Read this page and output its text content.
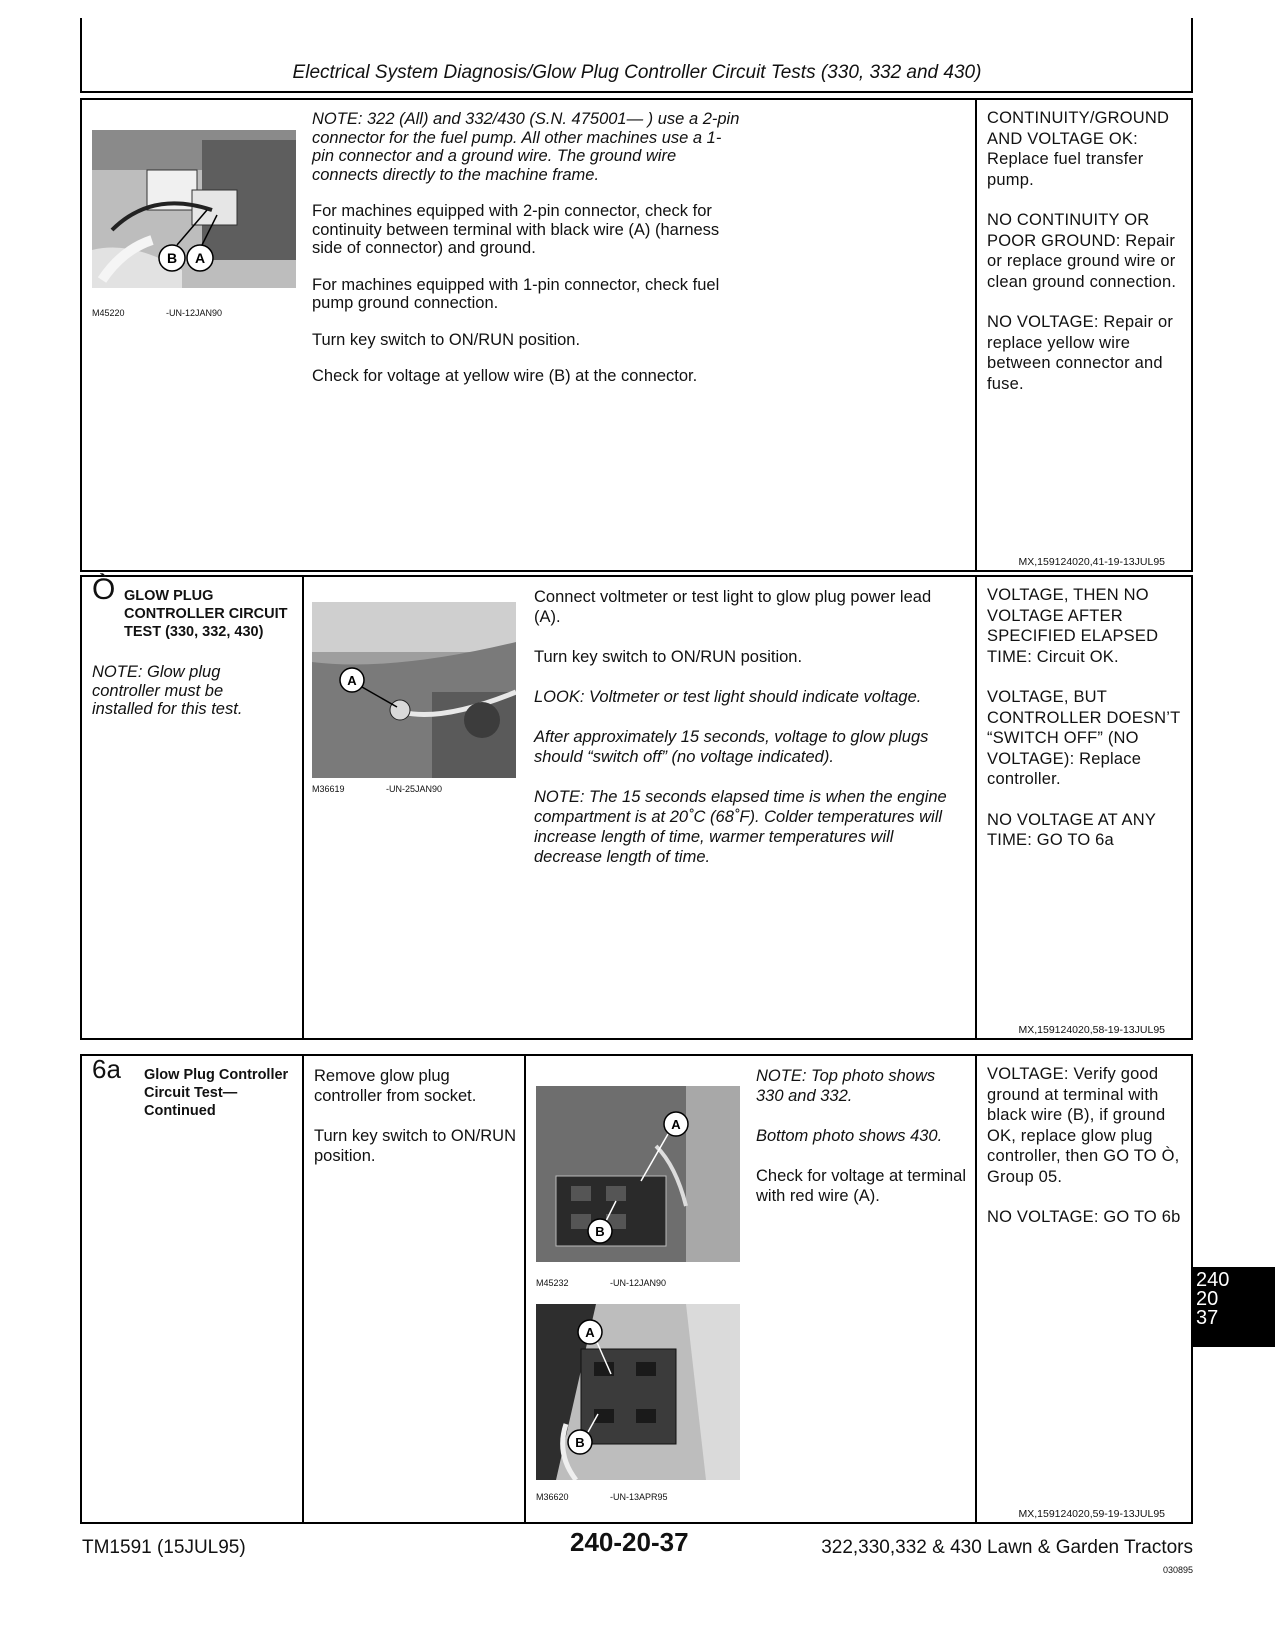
Electrical System Diagnosis/Glow Plug Controller Circuit Tests (330, 332 and 430)
B A
M45220	-UN-12JAN90

NOTE: 322 (All) and 332/430 (S.N. 475001— ) use a 2-pin connector for the fuel pump. All other machines use a 1-pin connector and a ground wire. The ground wire connects directly to the machine frame.

For machines equipped with 2-pin connector, check for continuity between terminal with black wire (A) (harness side of connector) and ground.

For machines equipped with 1-pin connector, check fuel pump ground connection.

Turn key switch to ON/RUN position.

Check for voltage at yellow wire (B) at the connector.

CONTINUITY/GROUND AND VOLTAGE OK: Replace fuel transfer pump.

NO CONTINUITY OR POOR GROUND: Repair or replace ground wire or clean ground connection.

NO VOLTAGE: Repair or replace yellow wire between connector and fuse.

MX,159124020,41-19-13JUL95
Ò GLOW PLUG CONTROLLER CIRCUIT TEST (330, 332, 430)
NOTE: Glow plug controller must be installed for this test.
A
M36619	-UN-25JAN90

Connect voltmeter or test light to glow plug power lead (A).

Turn key switch to ON/RUN position.

LOOK: Voltmeter or test light should indicate voltage.

After approximately 15 seconds, voltage to glow plugs should “switch off” (no voltage indicated).

NOTE: The 15 seconds elapsed time is when the engine compartment is at 20˚C (68˚F). Colder temperatures will increase length of time, warmer temperatures will decrease length of time.

VOLTAGE, THEN NO VOLTAGE AFTER SPECIFIED ELAPSED TIME: Circuit OK.

VOLTAGE, BUT CONTROLLER DOESN’T “SWITCH OFF” (NO VOLTAGE): Replace controller.

NO VOLTAGE AT ANY TIME: GO TO 6a

MX,159124020,58-19-13JUL95
6a Glow Plug Controller Circuit Test—Continued

Remove glow plug controller from socket.

Turn key switch to ON/RUN position.

A
B
M45232	-UN-12JAN90
A
B
M36620	-UN-13APR95

NOTE: Top photo shows 330 and 332.

Bottom photo shows 430.

Check for voltage at terminal with red wire (A).

VOLTAGE: Verify good ground at terminal with black wire (B), if ground OK, replace glow plug controller, then GO TO Ò, Group 05.

NO VOLTAGE: GO TO 6b

MX,159124020,59-19-13JUL95
240
20
37
TM1591 (15JUL95)	240-20-37	322,330,332 & 430 Lawn & Garden Tractors
030895
